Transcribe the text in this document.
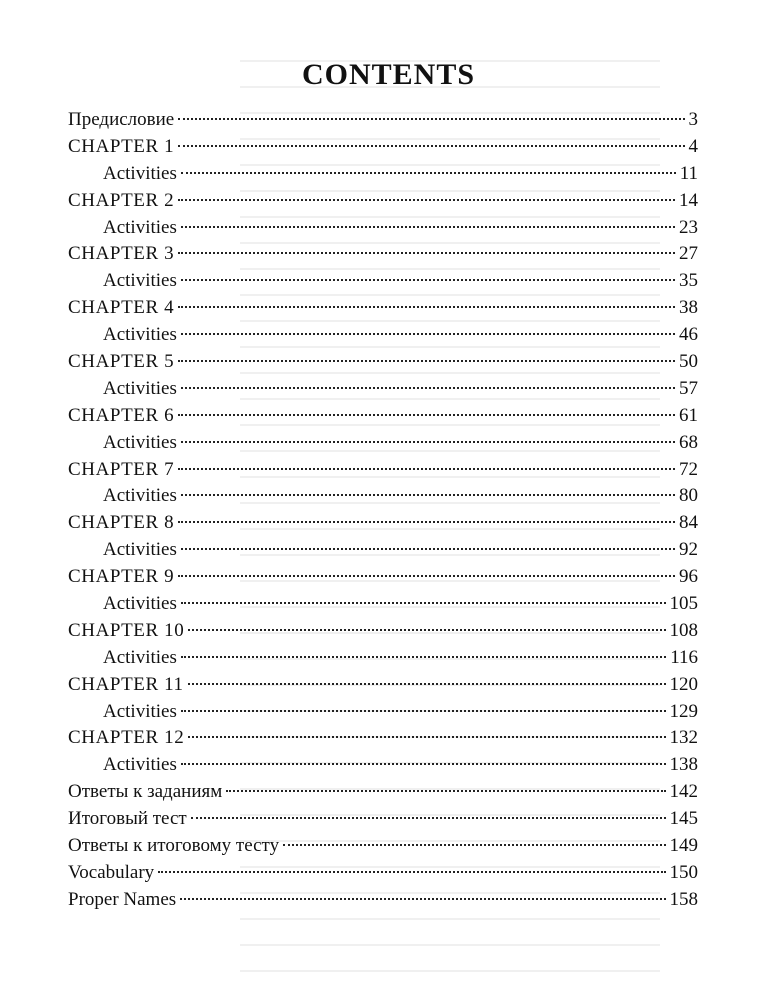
CONTENTS
Предисловие	3
CHAPTER 1	4
Activities	11
CHAPTER 2	14
Activities	23
CHAPTER 3	27
Activities	35
CHAPTER 4	38
Activities	46
CHAPTER 5	50
Activities	57
CHAPTER 6	61
Activities	68
CHAPTER 7	72
Activities	80
CHAPTER 8	84
Activities	92
CHAPTER 9	96
Activities	105
CHAPTER 10	108
Activities	116
CHAPTER 11	120
Activities	129
CHAPTER 12	132
Activities	138
Ответы к заданиям	142
Итоговый тест	145
Ответы к итоговому тесту	149
Vocabulary	150
Proper Names	158
